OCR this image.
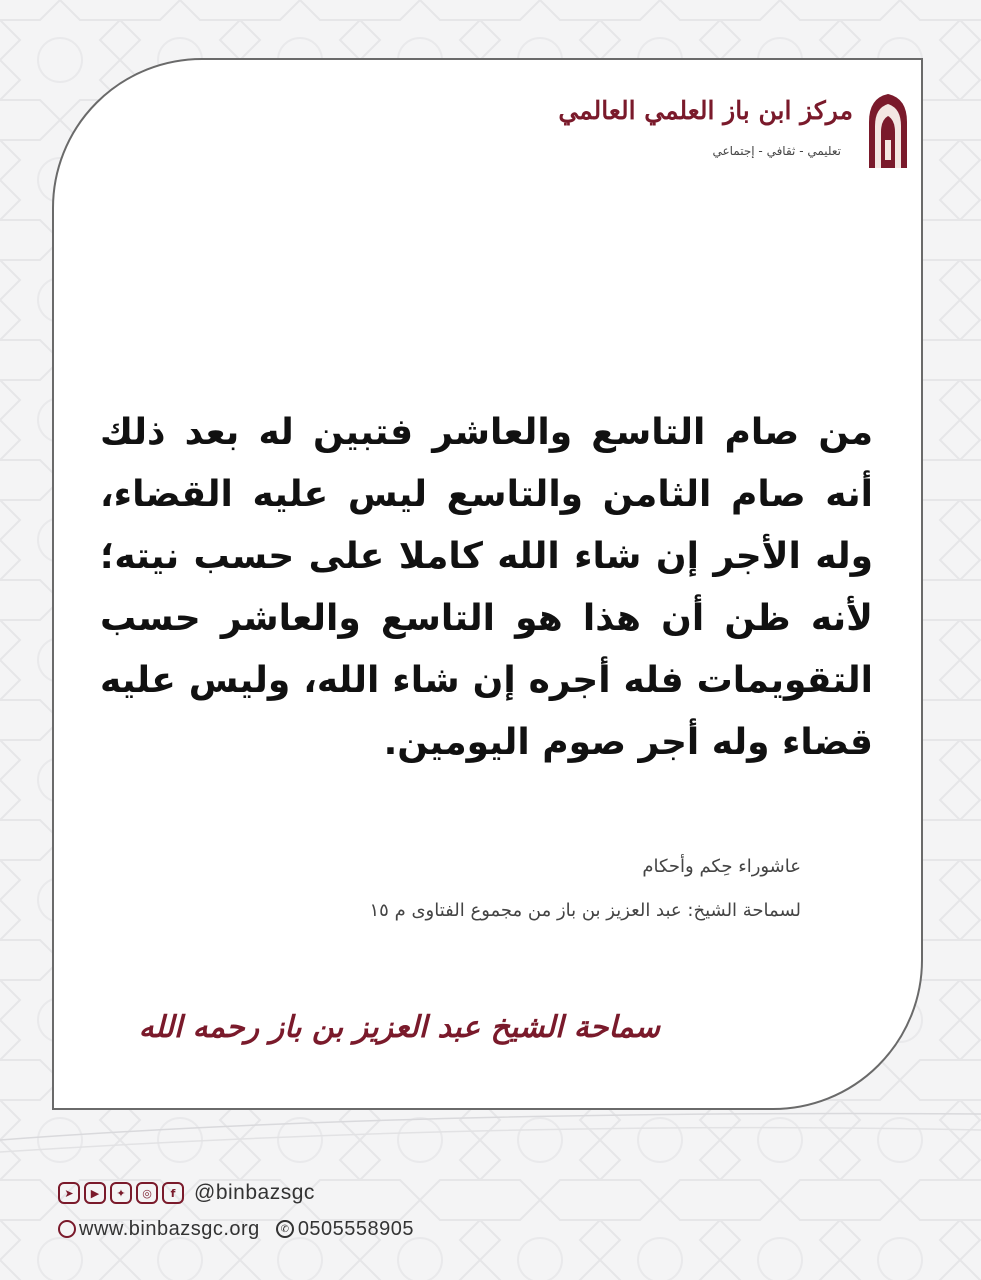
مركز ابن باز العلمي العالمي
تعليمي - ثقافي - إجتماعي
من صام التاسع والعاشر فتبين له بعد ذلك
أنه صام الثامن والتاسع ليس عليه القضاء،
وله الأجر إن شاء الله كاملا على حسب نيته؛
لأنه ظن أن هذا هو التاسع والعاشر حسب
التقويمات فله أجره إن شاء الله، وليس عليه
قضاء وله أجر صوم اليومين.
عاشوراء حِكم وأحكام
لسماحة الشيخ: عبد العزيز بن باز من مجموع الفتاوى م ١٥
سماحة الشيخ عبد العزيز بن باز رحمه الله
➤	▶	✦	◎	f @binbazsgc
www.binbazsgc.org	✆ 0505558905
